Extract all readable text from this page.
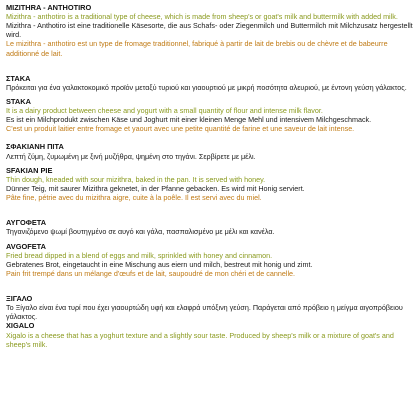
MIZITHRA - ANTHOTIRO
Mizithra - anthotiro is a traditional type of cheese, which is made from sheep's or goat's milk and buttermilk with added milk.
Mizithra - Anthotiro ist eine traditionelle Käsesorte, die aus Schafs- oder Ziegenmilch und Buttermilch mit Milchzusatz hergestellt wird.
Le mizithra - anthotiro est un type de fromage traditionnel, fabriqué à partir de lait de brebis ou de chèvre et de babeurre additionné de lait.
ΣΤΑΚΑ
Πρόκειται για ένα γαλακτοκομικό προϊόν μεταξύ τυριού και γιαουρτιού με μικρή ποσότητα αλευριού, με έντονη γεύση γάλακτος.
STAKA
It is a dairy product between cheese and yogurt with a small quantity of flour and intense milk flavor.
Es ist ein Milchprodukt zwischen Käse und Joghurt mit einer kleinen Menge Mehl und intensivem Milchgeschmack.
C'est un produit laitier entre fromage et yaourt avec une petite quantité de farine et une saveur de lait intense.
ΣΦΑΚΙΑΝΗ ΠΙΤΑ
Λεπτή ζύμη, ζυμωμένη με ξινή μυζήθρα, ψημένη στο τηγάνι. Σερβίρετε με μέλι.
SFAKIAN PIE
Thin dough, kneaded with sour mizithra, baked in the pan. It is served with honey.
Dünner Teig, mit saurer Mizithra geknetet, in der Pfanne gebacken. Es wird mit Honig serviert.
Pâte fine, pétrie avec du mizithra aigre, cuite à la poêle. Il est servi avec du miel.
ΑΥΓΟΦΕΤΑ
Τηγανιζόμενο ψωμί βουτηγμένο σε αυγό και γάλα, πασπαλισμένο με μέλι και κανέλα.
AVGOFETA
Fried bread dipped in a blend of eggs and milk, sprinkled with honey and cinnamon.
Gebratenes Brot, eingetaucht in eine Mischung aus eiern und milch, bestreut mit honig und zimt.
Pain frit trempé dans un mélange d'œufs et de lait, saupoudré de mon chéri et de cannelle.
ΞΙΓΑΛΟ
Το Ξίγαλο είναι ένα τυρί που έχει γιαουρτώδη υφή και ελαφρά υπόξινη γεύση. Παράγεται από πρόβειο η μείγμα αιγοπρόβειου γάλακτος.
XIGALO
Xigalo is a cheese that has a yoghurt texture and a slightly sour taste. Produced by sheep's milk or a mixture of goat's and sheep's milk.
